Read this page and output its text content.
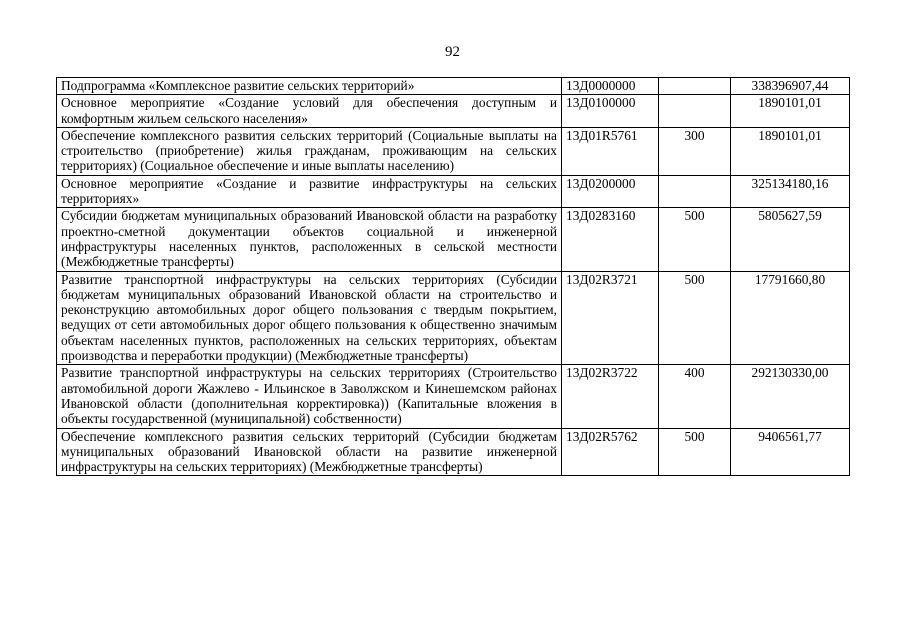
92
Подпрограмма «Комплексное развитие сельских территорий»	13Д0000000		338396907,44
Основное мероприятие «Создание условий для обеспечения доступным и комфортным жильем сельского населения»	13Д0100000		1890101,01
Обеспечение комплексного развития сельских территорий (Социальные выплаты на строительство (приобретение) жилья гражданам, проживающим на сельских территориях) (Социальное обеспечение и иные выплаты населению)	13Д01R5761	300	1890101,01
Основное мероприятие «Создание и развитие инфраструктуры на сельских территориях»	13Д0200000		325134180,16
Субсидии бюджетам муниципальных образований Ивановской области на разработку проектно-сметной документации объектов социальной и инженерной инфраструктуры населенных пунктов, расположенных в сельской местности (Межбюджетные трансферты)	13Д0283160	500	5805627,59
Развитие транспортной инфраструктуры на сельских территориях (Субсидии бюджетам муниципальных образований Ивановской области на строительство и реконструкцию автомобильных дорог общего пользования с твердым покрытием, ведущих от сети автомобильных дорог общего пользования к общественно значимым объектам населенных пунктов, расположенных на сельских территориях, объектам производства и переработки продукции) (Межбюджетные трансферты)	13Д02R3721	500	17791660,80
Развитие транспортной инфраструктуры на сельских территориях (Строительство автомобильной дороги Жажлево - Ильинское в Заволжском и Кинешемском районах Ивановской области (дополнительная корректировка)) (Капитальные вложения в объекты государственной (муниципальной) собственности)	13Д02R3722	400	292130330,00
Обеспечение комплексного развития сельских территорий (Субсидии бюджетам муниципальных образований Ивановской области на развитие инженерной инфраструктуры на сельских территориях) (Межбюджетные трансферты)	13Д02R5762	500	9406561,77
